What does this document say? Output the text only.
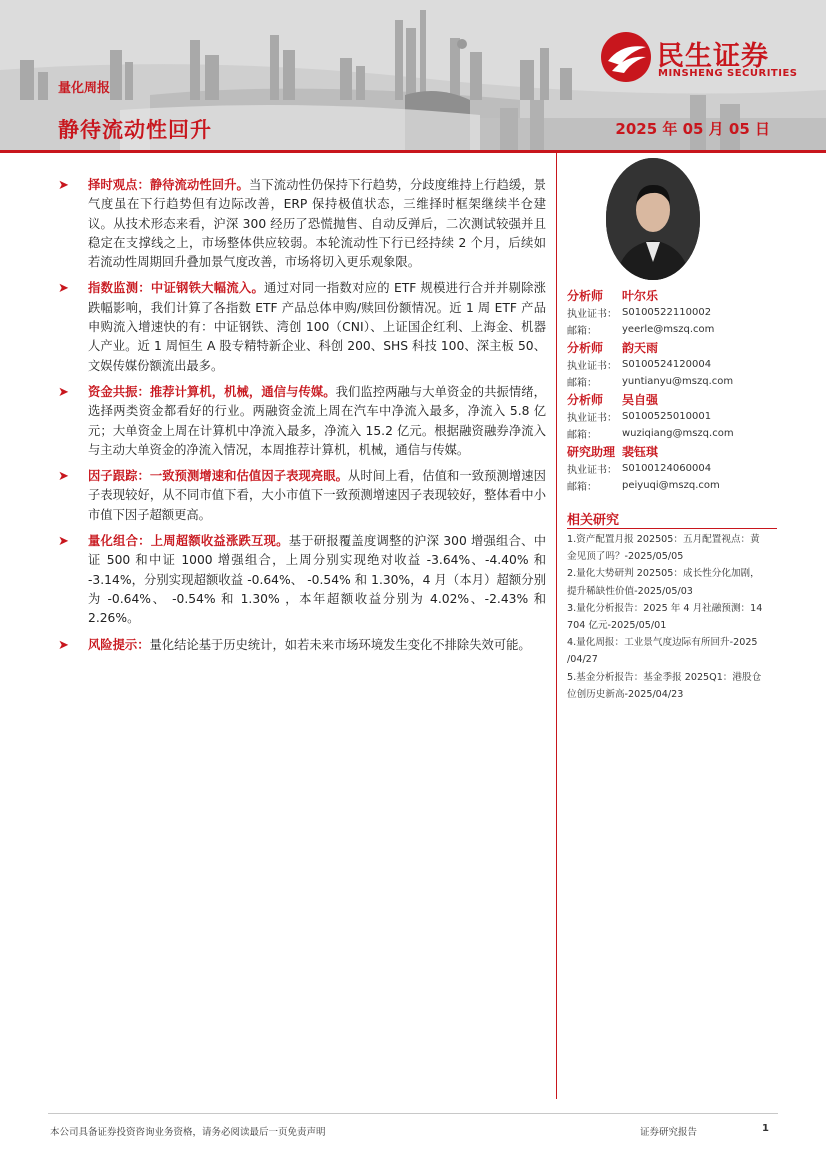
民生证券
MINSHENG SECURITIES
量化周报
静待流动性回升	2025 年 05 月 05 日
➤ 择时观点：静待流动性回升。当下流动性仍保持下行趋势，分歧度维持上行趋缓，景气度虽在下行趋势但有边际改善，ERP 保持极值状态，三维择时框架继续半仓建议。从技术形态来看，沪深 300 经历了恐慌抛售、自动反弹后，二次测试较强并且稳定在支撑线之上，市场整体供应较弱。本轮流动性下行已经持续 2 个月，后续如若流动性周期回升叠加景气度改善，市场将切入更乐观象限。
➤ 指数监测：中证钢铁大幅流入。通过对同一指数对应的 ETF 规模进行合并并剔除涨跌幅影响，我们计算了各指数 ETF 产品总体申购/赎回份额情况。近 1 周 ETF 产品申购流入增速快的有：中证钢铁、湾创 100（CNI）、上证国企红利、上海金、机器人产业。近 1 周恒生 A 股专精特新企业、科创 200、SHS 科技 100、深主板 50、文娱传媒份额流出最多。
➤ 资金共振：推荐计算机，机械，通信与传媒。我们监控两融与大单资金的共振情绪，选择两类资金都看好的行业。两融资金流上周在汽车中净流入最多，净流入 5.8 亿元；大单资金上周在计算机中净流入最多，净流入 15.2 亿元。根据融资融券净流入与主动大单资金的净流入情况，本周推荐计算机，机械，通信与传媒。
➤ 因子跟踪：一致预测增速和估值因子表现亮眼。从时间上看，估值和一致预测增速因子表现较好，从不同市值下看，大小市值下一致预测增速因子表现较好，整体看中小市值下因子超额更高。
➤ 量化组合：上周超额收益涨跌互现。基于研报覆盖度调整的沪深 300 增强组合、中证 500 和中证 1000 增强组合，上周分别实现绝对收益 -3.64%、-4.40% 和 -3.14%，分别实现超额收益 -0.64%、 -0.54% 和 1.30%，4 月（本月）超额分别为 -0.64%、 -0.54% 和 1.30% ，本年超额收益分别为 4.02%、-2.43% 和 2.26%。
➤ 风险提示：量化结论基于历史统计，如若未来市场环境发生变化不排除失效可能。
分析师	叶尔乐
执业证书： S0100522110002
邮箱：	yeerle@mszq.com
分析师	韵天雨
执业证书： S0100524120004
邮箱：	yuntianyu@mszq.com
分析师	吴自强
执业证书： S0100525010001
邮箱：	wuziqiang@mszq.com
研究助理 裴钰琪
执业证书： S0100124060004
邮箱：	peiyuqi@mszq.com
相关研究
1.资产配置月报 202505：五月配置视点：黄
金见顶了吗？-2025/05/05
2.量化大势研判 202505：成长性分化加剧，
提升稀缺性价值-2025/05/03
3.量化分析报告：2025 年 4 月社融预测：14
704 亿元-2025/05/01
4.量化周报：工业景气度边际有所回升-2025
/04/27
5.基金分析报告：基金季报 2025Q1：港股仓
位创历史新高-2025/04/23
本公司具备证券投资咨询业务资格，请务必阅读最后一页免责声明	证券研究报告	1
